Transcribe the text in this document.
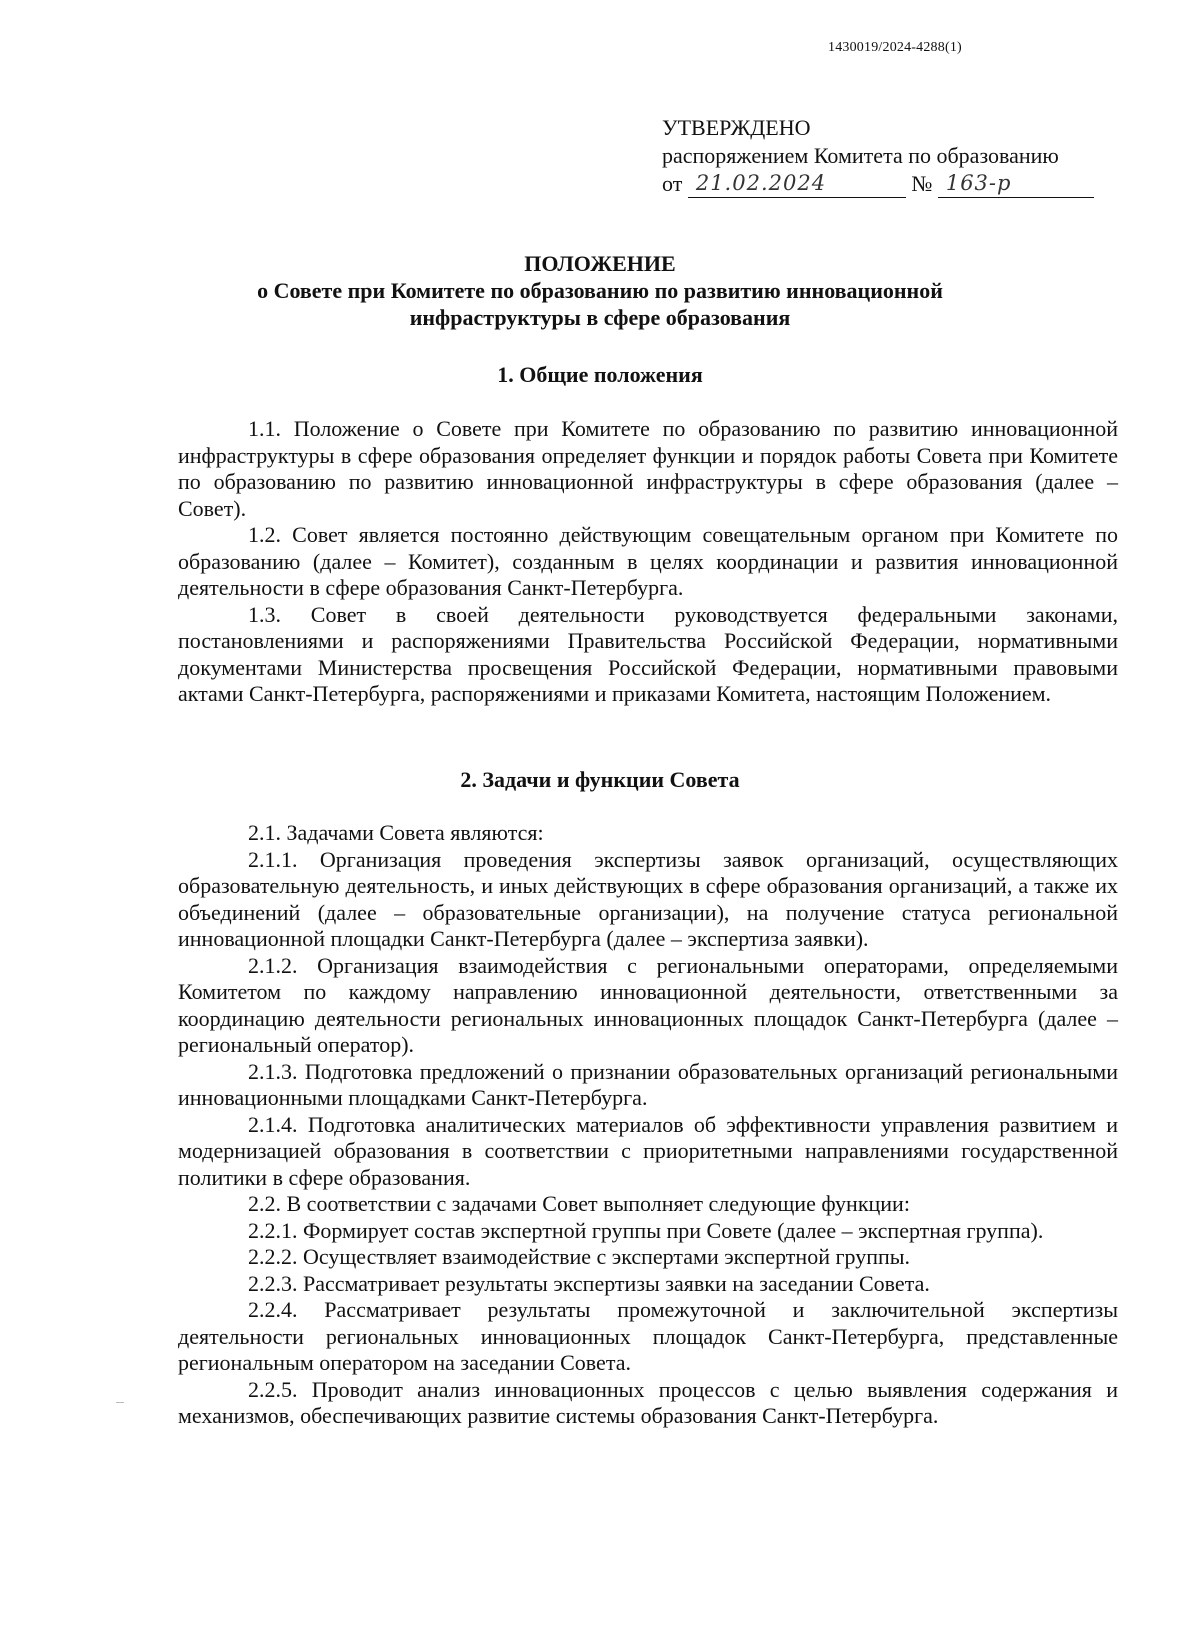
1430019/2024-4288(1)
УТВЕРЖДЕНО
распоряжением Комитета по образованию
от 21.02.2024	№ 163-р
ПОЛОЖЕНИЕ
о Совете при Комитете по образованию по развитию инновационной
инфраструктуры в сфере образования
1. Общие положения

1.1. Положение о Совете при Комитете по образованию по развитию инновационной инфраструктуры в сфере образования определяет функции и порядок работы Совета при Комитете по образованию по развитию инновационной инфраструктуры в сфере образования (далее – Совет).

1.2. Совет является постоянно действующим совещательным органом при Комитете по образованию (далее – Комитет), созданным в целях координации и развития инновационной деятельности в сфере образования Санкт-Петербурга.

1.3. Совет в своей деятельности руководствуется федеральными законами, постановлениями и распоряжениями Правительства Российской Федерации, нормативными документами Министерства просвещения Российской Федерации, нормативными правовыми актами Санкт-Петербурга, распоряжениями и приказами Комитета, настоящим Положением.

2. Задачи и функции Совета

2.1. Задачами Совета являются:

2.1.1. Организация проведения экспертизы заявок организаций, осуществляющих образовательную деятельность, и иных действующих в сфере образования организаций, а также их объединений (далее – образовательные организации), на получение статуса региональной инновационной площадки Санкт-Петербурга (далее – экспертиза заявки).

2.1.2. Организация взаимодействия с региональными операторами, определяемыми Комитетом по каждому направлению инновационной деятельности, ответственными за координацию деятельности региональных инновационных площадок Санкт-Петербурга (далее – региональный оператор).

2.1.3. Подготовка предложений о признании образовательных организаций региональными инновационными площадками Санкт-Петербурга.

2.1.4. Подготовка аналитических материалов об эффективности управления развитием и модернизацией образования в соответствии с приоритетными направлениями государственной политики в сфере образования.

2.2. В соответствии с задачами Совет выполняет следующие функции:

2.2.1. Формирует состав экспертной группы при Совете (далее – экспертная группа).

2.2.2. Осуществляет взаимодействие с экспертами экспертной группы.

2.2.3. Рассматривает результаты экспертизы заявки на заседании Совета.

2.2.4. Рассматривает результаты промежуточной и заключительной экспертизы деятельности региональных инновационных площадок Санкт-Петербурга, представленные региональным оператором на заседании Совета.

2.2.5. Проводит анализ инновационных процессов с целью выявления содержания и механизмов, обеспечивающих развитие системы образования Санкт-Петербурга.
